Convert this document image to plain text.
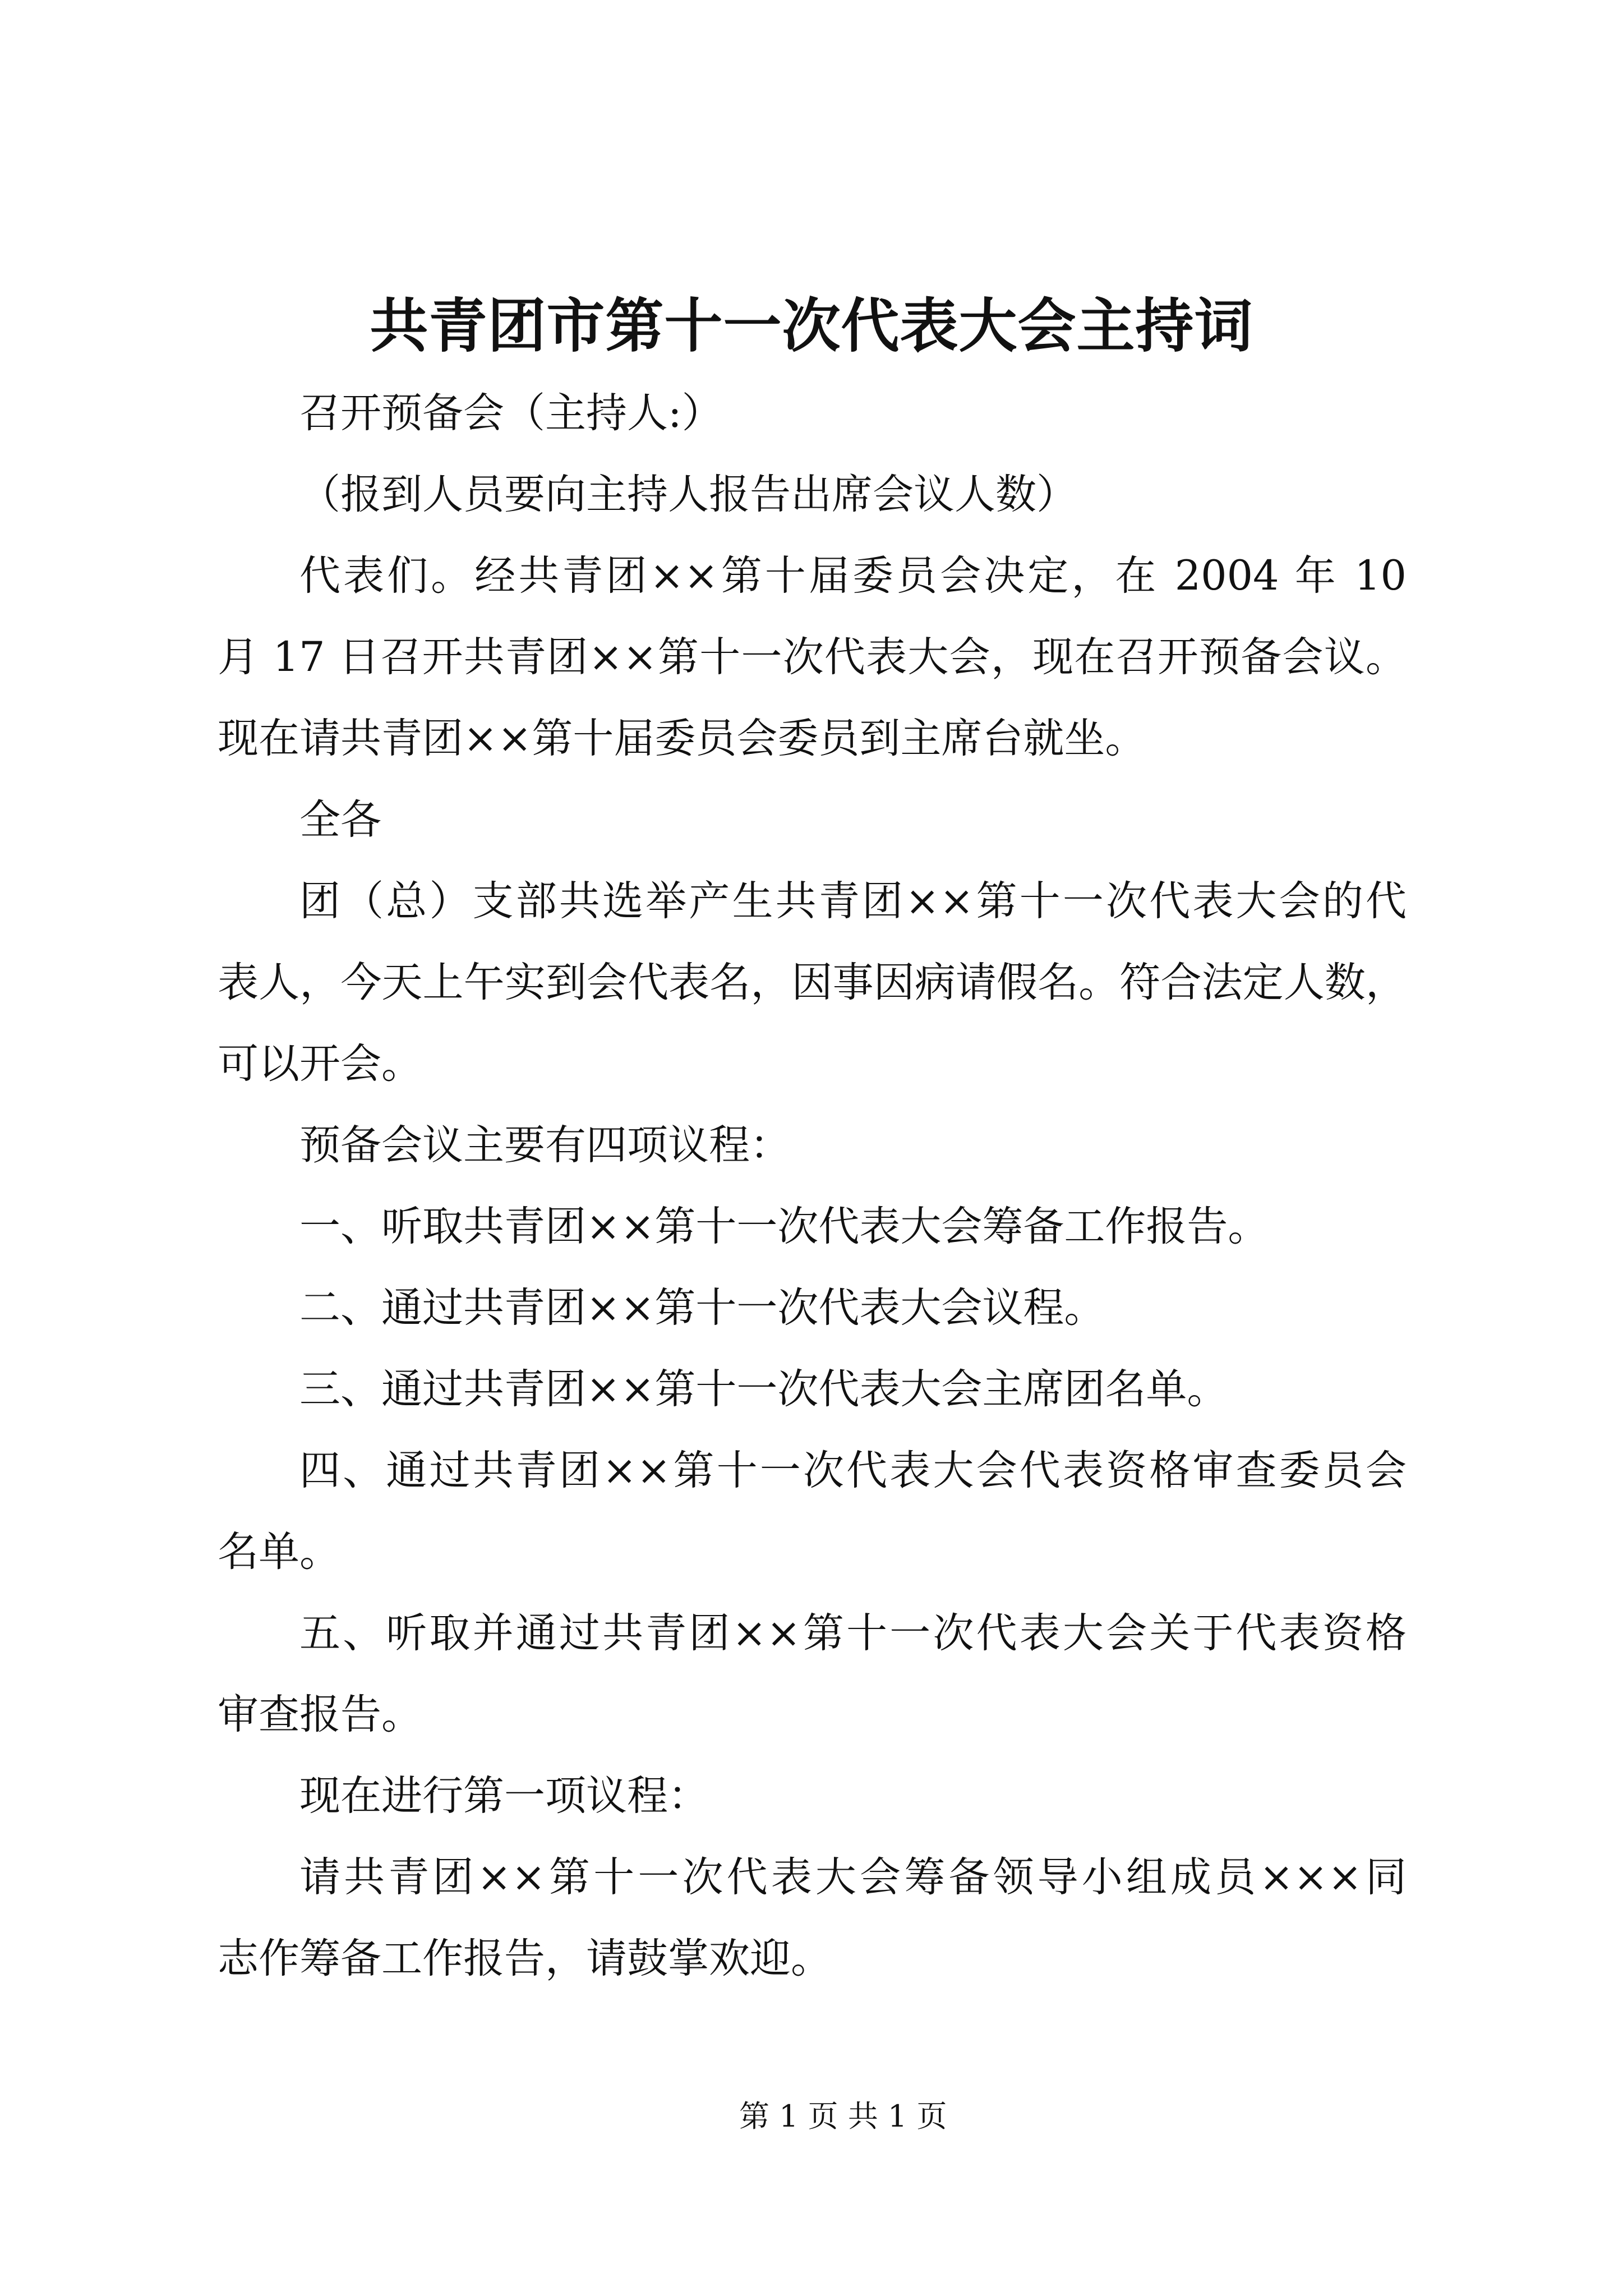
共青团市第十一次代表大会主持词
召开预备会（主持人:）
（报到人员要向主持人报告出席会议人数）
代表们。经共青团××第十届委员会决定，在 2004 年 10
月 17 日召开共青团××第十一次代表大会，现在召开预备会议。
现在请共青团××第十届委员会委员到主席台就坐。
全各
团（总）支部共选举产生共青团××第十一次代表大会的代
表人，今天上午实到会代表名，因事因病请假名。符合法定人数，
可以开会。
预备会议主要有四项议程：
一、听取共青团××第十一次代表大会筹备工作报告。
二、通过共青团××第十一次代表大会议程。
三、通过共青团××第十一次代表大会主席团名单。
四、通过共青团××第十一次代表大会代表资格审查委员会
名单。
五、听取并通过共青团××第十一次代表大会关于代表资格
审查报告。
现在进行第一项议程：
请共青团××第十一次代表大会筹备领导小组成员×××同
志作筹备工作报告，请鼓掌欢迎。
第 1 页 共 1 页
